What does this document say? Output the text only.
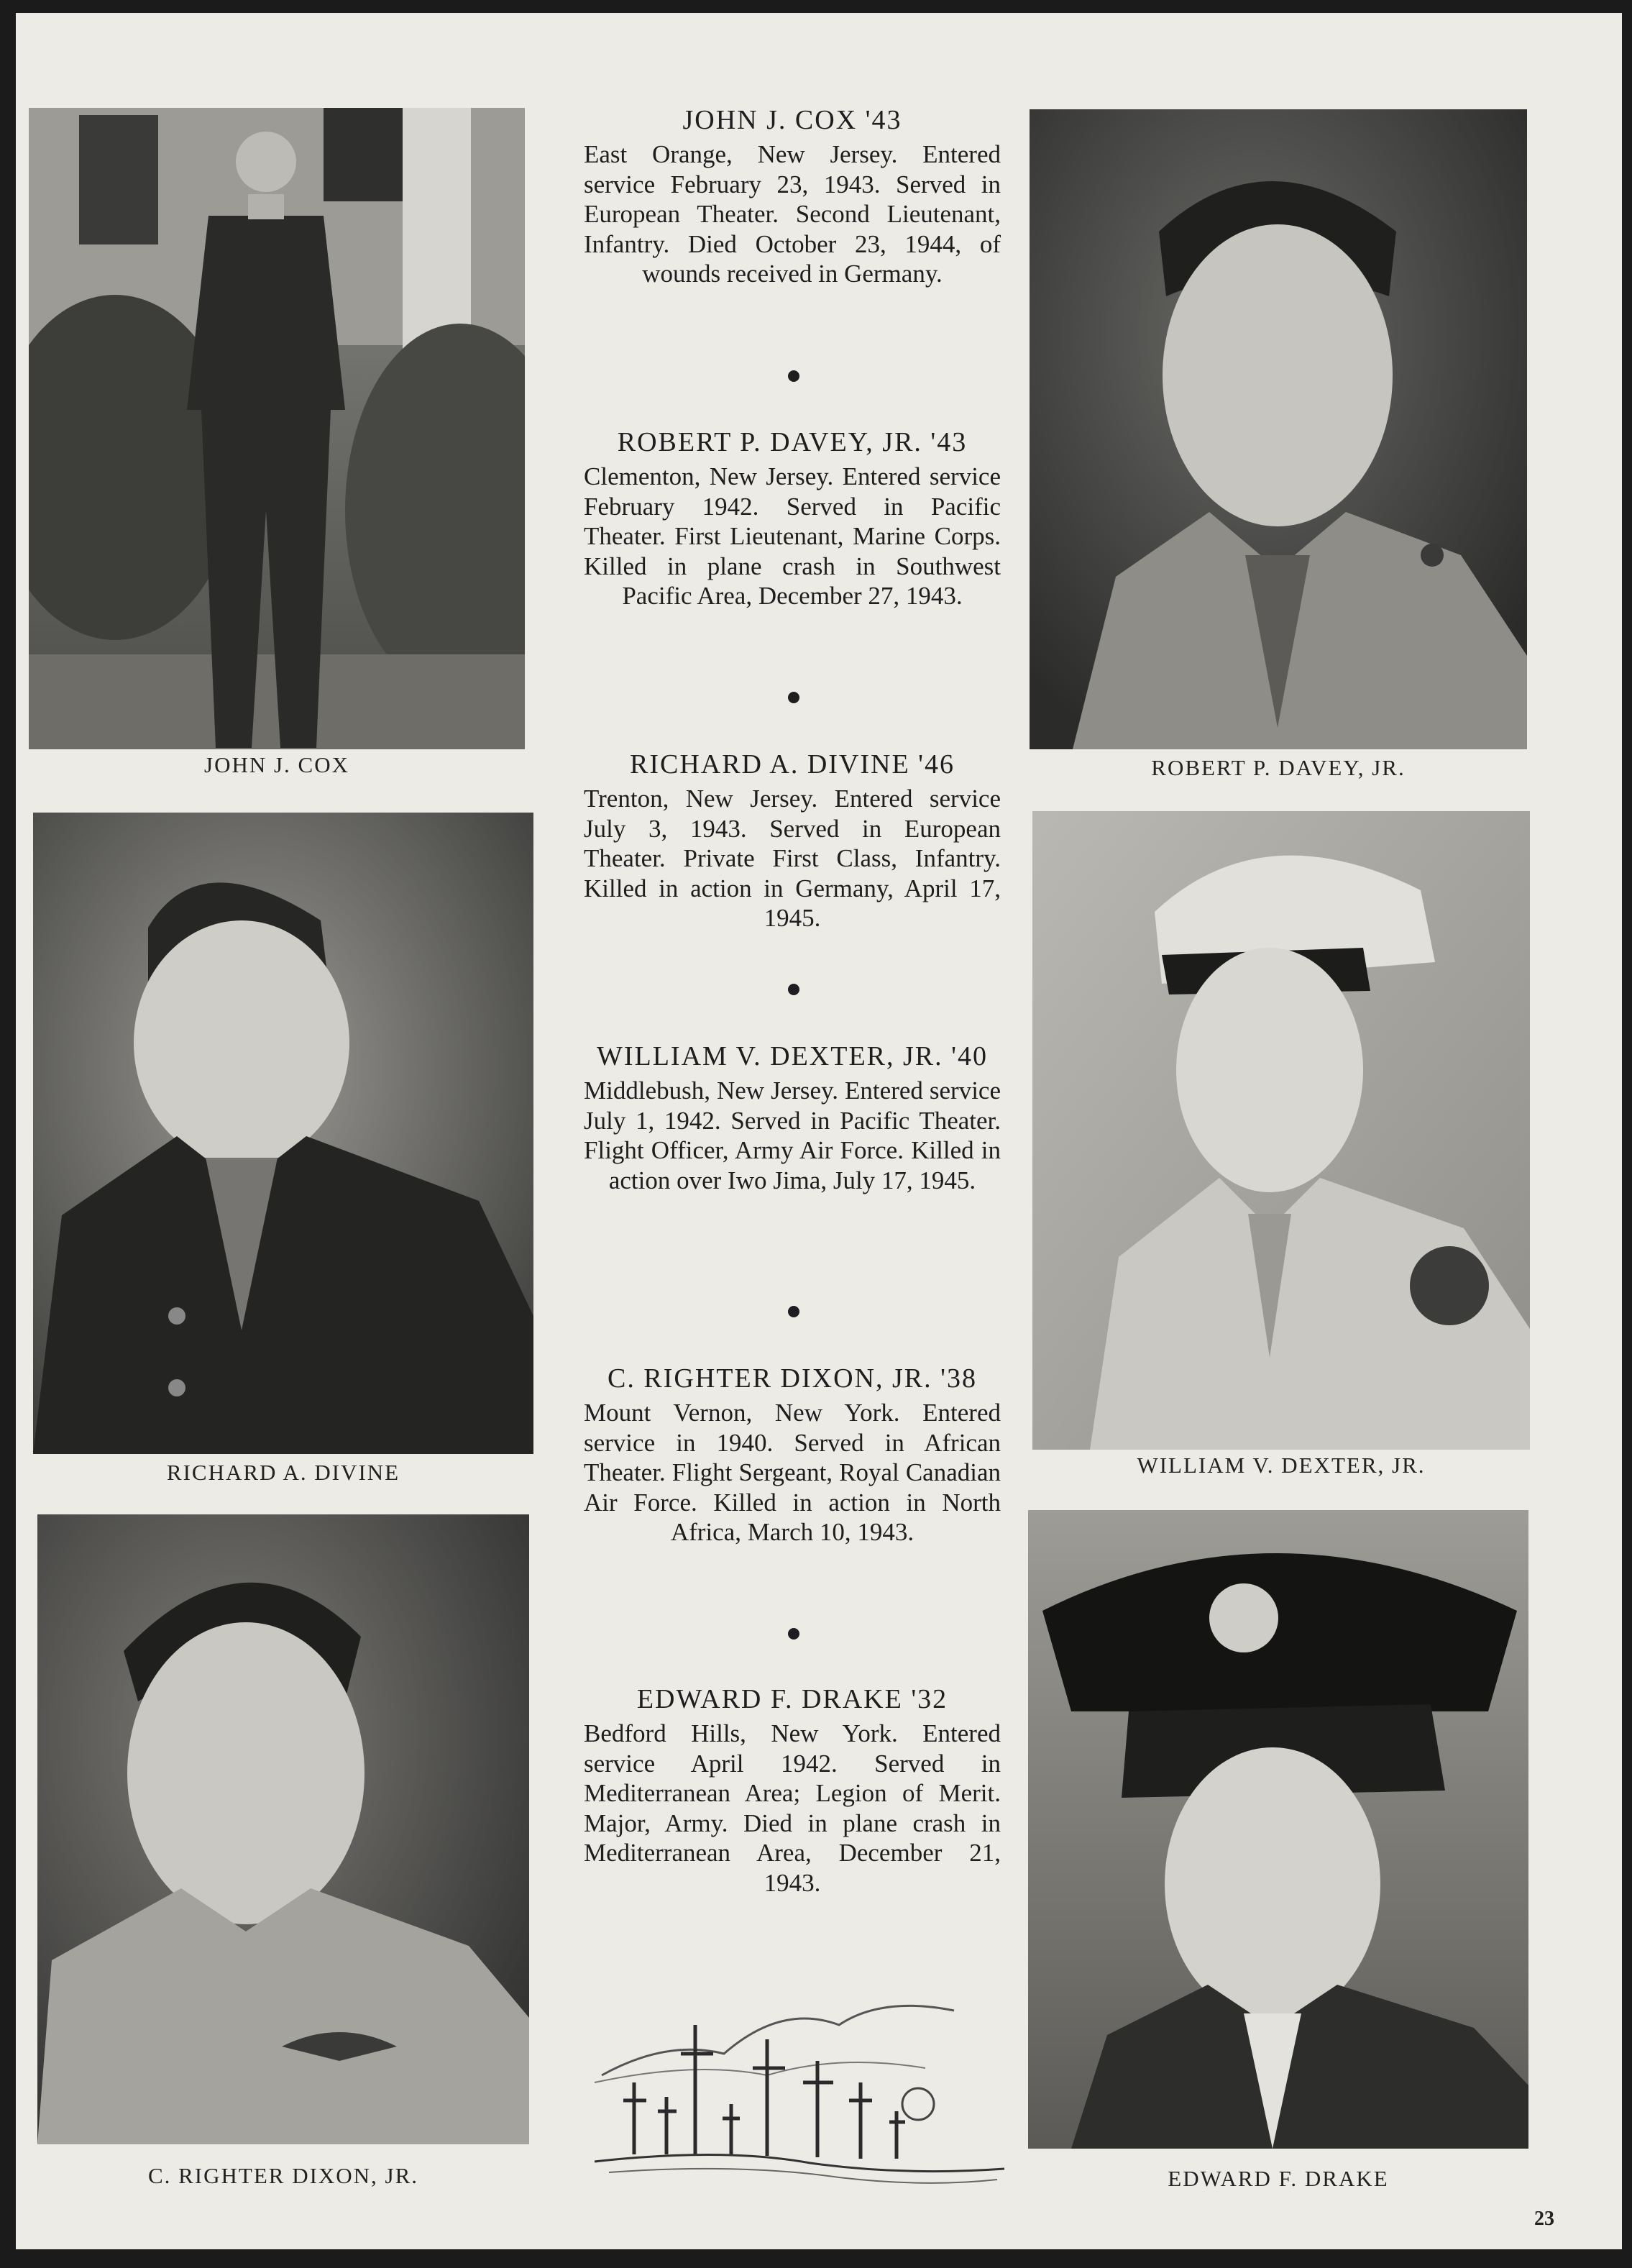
JOHN J. COX	ROBERT P. DAVEY, JR.
RICHARD A. DIVINE	WILLIAM V. DEXTER, JR.
C. RIGHTER DIXON, JR.	EDWARD F. DRAKE
JOHN J. COX '43
East Orange, New Jersey. Entered service February 23, 1943. Served in European Theater. Second Lieutenant, Infantry. Died October 23, 1944, of wounds received in Germany.
ROBERT P. DAVEY, JR. '43
Clementon, New Jersey. Entered service February 1942. Served in Pacific Theater. First Lieutenant, Marine Corps. Killed in plane crash in Southwest Pacific Area, December 27, 1943.
RICHARD A. DIVINE '46
Trenton, New Jersey. Entered service July 3, 1943. Served in European Theater. Private First Class, Infantry. Killed in action in Germany, April 17, 1945.
WILLIAM V. DEXTER, JR. '40
Middlebush, New Jersey. Entered service July 1, 1942. Served in Pacific Theater. Flight Officer, Army Air Force. Killed in action over Iwo Jima, July 17, 1945.
C. RIGHTER DIXON, JR. '38
Mount Vernon, New York. Entered service in 1940. Served in African Theater. Flight Sergeant, Royal Canadian Air Force. Killed in action in North Africa, March 10, 1943.
EDWARD F. DRAKE '32
Bedford Hills, New York. Entered service April 1942. Served in Mediterranean Area; Legion of Merit. Major, Army. Died in plane crash in Mediterranean Area, December 21, 1943.
23
